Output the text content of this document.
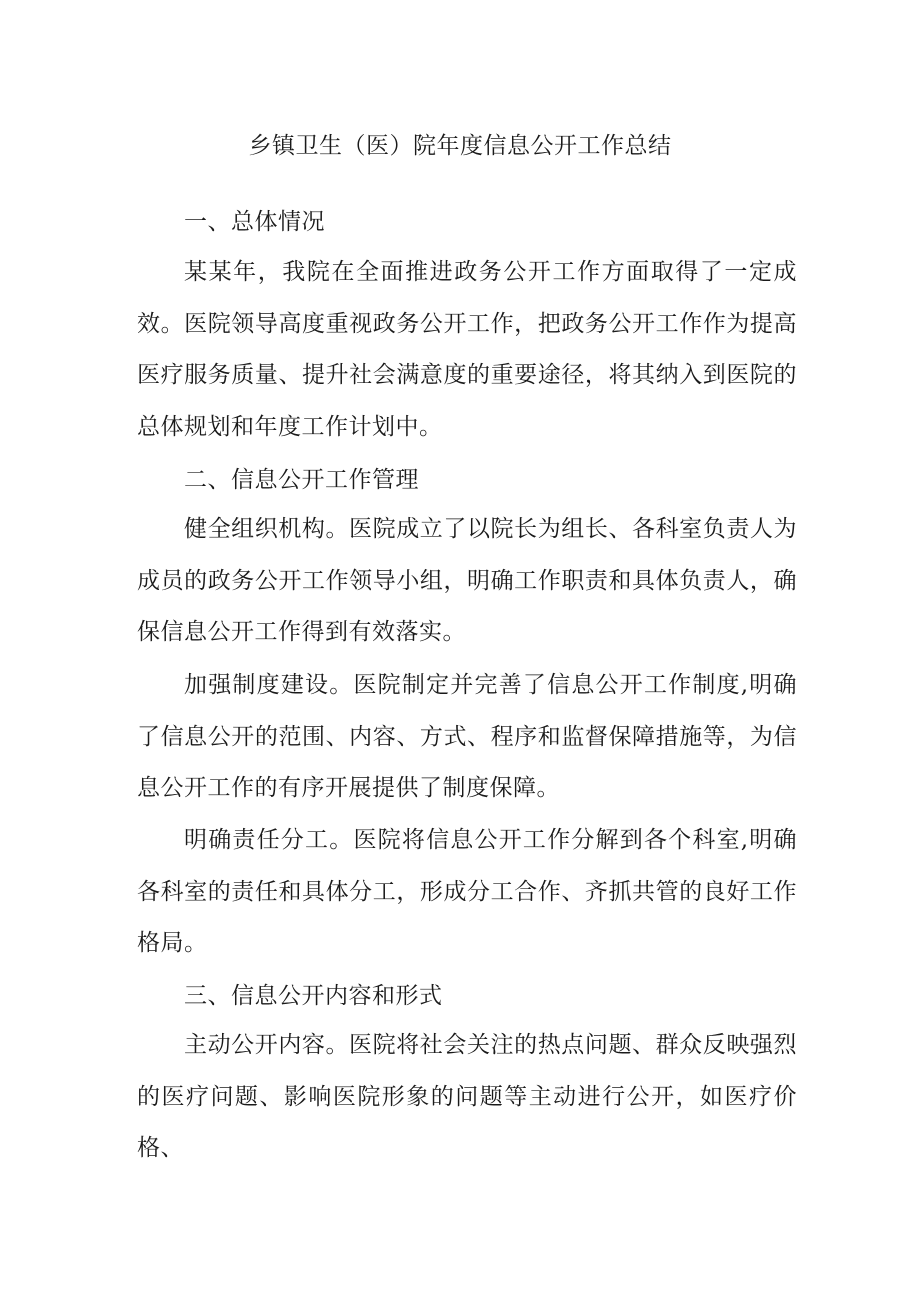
乡镇卫生（医）院年度信息公开工作总结
一、总体情况
某某年，我院在全面推进政务公开工作方面取得了一定成效。医院领导高度重视政务公开工作，把政务公开工作作为提高医疗服务质量、提升社会满意度的重要途径，将其纳入到医院的总体规划和年度工作计划中。
二、信息公开工作管理
健全组织机构。医院成立了以院长为组长、各科室负责人为成员的政务公开工作领导小组，明确工作职责和具体负责人，确保信息公开工作得到有效落实。
加强制度建设。医院制定并完善了信息公开工作制度,明确了信息公开的范围、内容、方式、程序和监督保障措施等，为信息公开工作的有序开展提供了制度保障。
明确责任分工。医院将信息公开工作分解到各个科室,明确各科室的责任和具体分工，形成分工合作、齐抓共管的良好工作格局。
三、信息公开内容和形式
主动公开内容。医院将社会关注的热点问题、群众反映强烈的医疗问题、影响医院形象的问题等主动进行公开，如医疗价格、
